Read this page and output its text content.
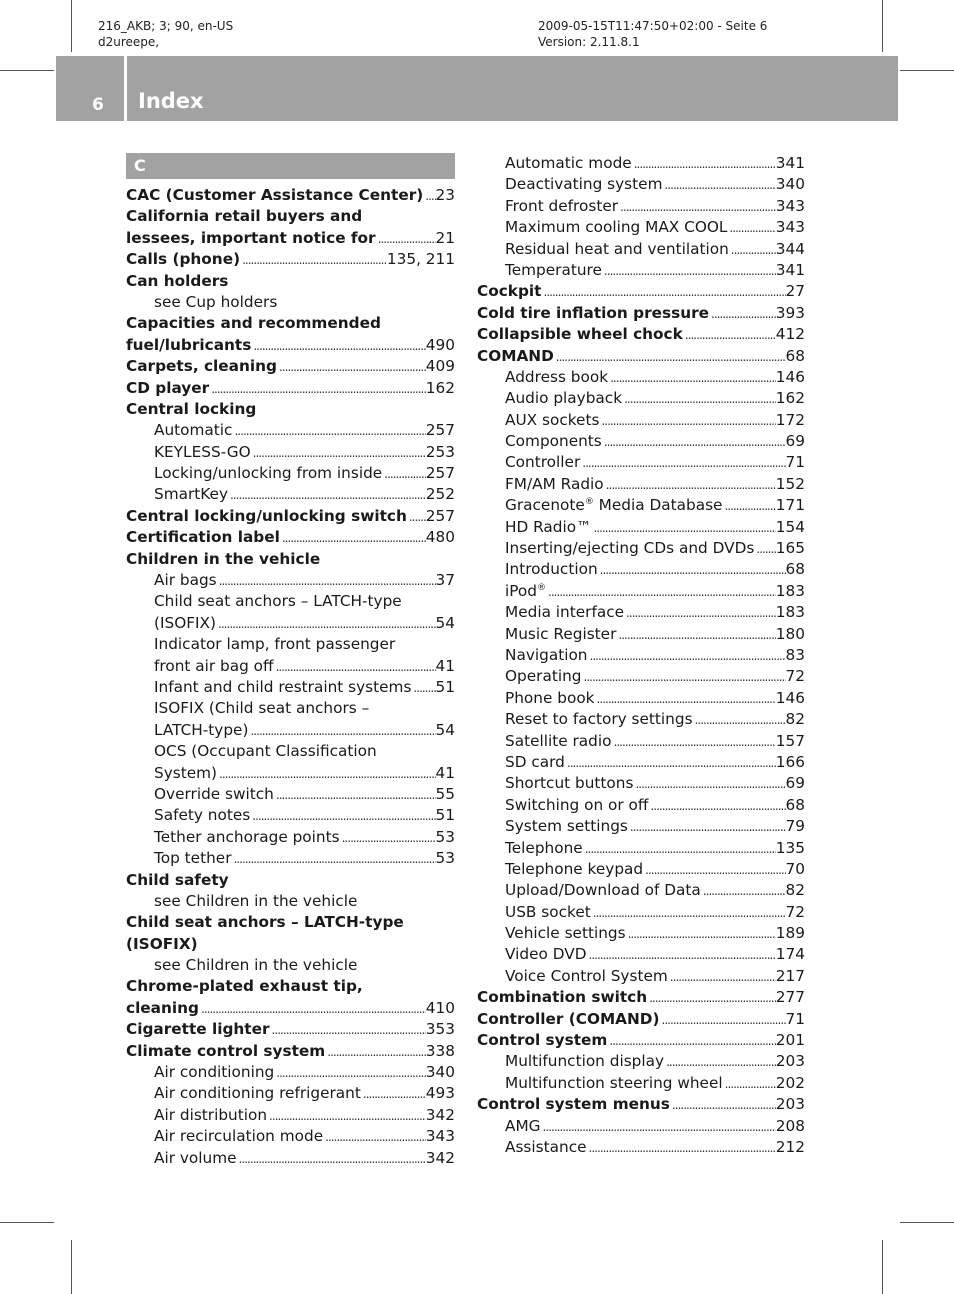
216_AKB; 3; 90, en-US
d2ureepe,
2009-05-15T11:47:50+02:00 - Seite 6
Version: 2.11.8.1
6 Index
C
CAC (Customer Assistance Center) . . . 23
California retail buyers and
lessees, important notice for . . .	21
Calls (phone) . . .	135, 211
Can holders
see Cup holders
Capacities and recommended
fuel/lubricants . . .	490
Carpets, cleaning . . .	409
CD player . . .	162
Central locking
Automatic . . .	257
KEYLESS-GO . . .	253
Locking/unlocking from inside . . .	257
SmartKey . . .	252
Central locking/unlocking switch . . . 257
Certification label . . .	480
Children in the vehicle
Air bags . . .	37
Child seat anchors – LATCH-type
(ISOFIX) . . .	54
Indicator lamp, front passenger
front air bag off . . .	41
Infant and child restraint systems . . . 51
ISOFIX (Child seat anchors –
LATCH-type) . . .	54
OCS (Occupant Classification
System) . . .	41
Override switch . . .	55
Safety notes . . .	51
Tether anchorage points . . .	53
Top tether . . .	53
Child safety
see Children in the vehicle
Child seat anchors – LATCH-type
(ISOFIX)
see Children in the vehicle
Chrome-plated exhaust tip,
cleaning . . .	410
Cigarette lighter . . .	353
Climate control system . . .	338
Air conditioning . . .	340
Air conditioning refrigerant . . .	493
Air distribution . . .	342
Air recirculation mode . . .	343
Air volume . . .	342
Automatic mode . . .	341
Deactivating system . . .	340
Front defroster . . .	343
Maximum cooling MAX COOL . . .	343
Residual heat and ventilation . . .	344
Temperature . . .	341
Cockpit . . .	27
Cold tire inflation pressure . . .	393
Collapsible wheel chock . . .	412
COMAND . . .	68
Address book . . .	146
Audio playback . . .	162
AUX sockets . . .	172
Components . . .	69
Controller . . .	71
FM/AM Radio . . .	152
Gracenote® Media Database . . .	171
HD Radio™ . . .	154
Inserting/ejecting CDs and DVDs . . . 165
Introduction . . .	68
iPod® . . .	183
Media interface . . .	183
Music Register . . .	180
Navigation . . .	83
Operating . . .	72
Phone book . . .	146
Reset to factory settings . . .	82
Satellite radio . . .	157
SD card . . .	166
Shortcut buttons . . .	69
Switching on or off . . .	68
System settings . . .	79
Telephone . . .	135
Telephone keypad . . .	70
Upload/Download of Data . . .	82
USB socket . . .	72
Vehicle settings . . .	189
Video DVD . . .	174
Voice Control System . . .	217
Combination switch . . .	277
Controller (COMAND) . . .	71
Control system . . .	201
Multifunction display . . .	203
Multifunction steering wheel . . .	202
Control system menus . . .	203
AMG . . .	208
Assistance . . .	212
